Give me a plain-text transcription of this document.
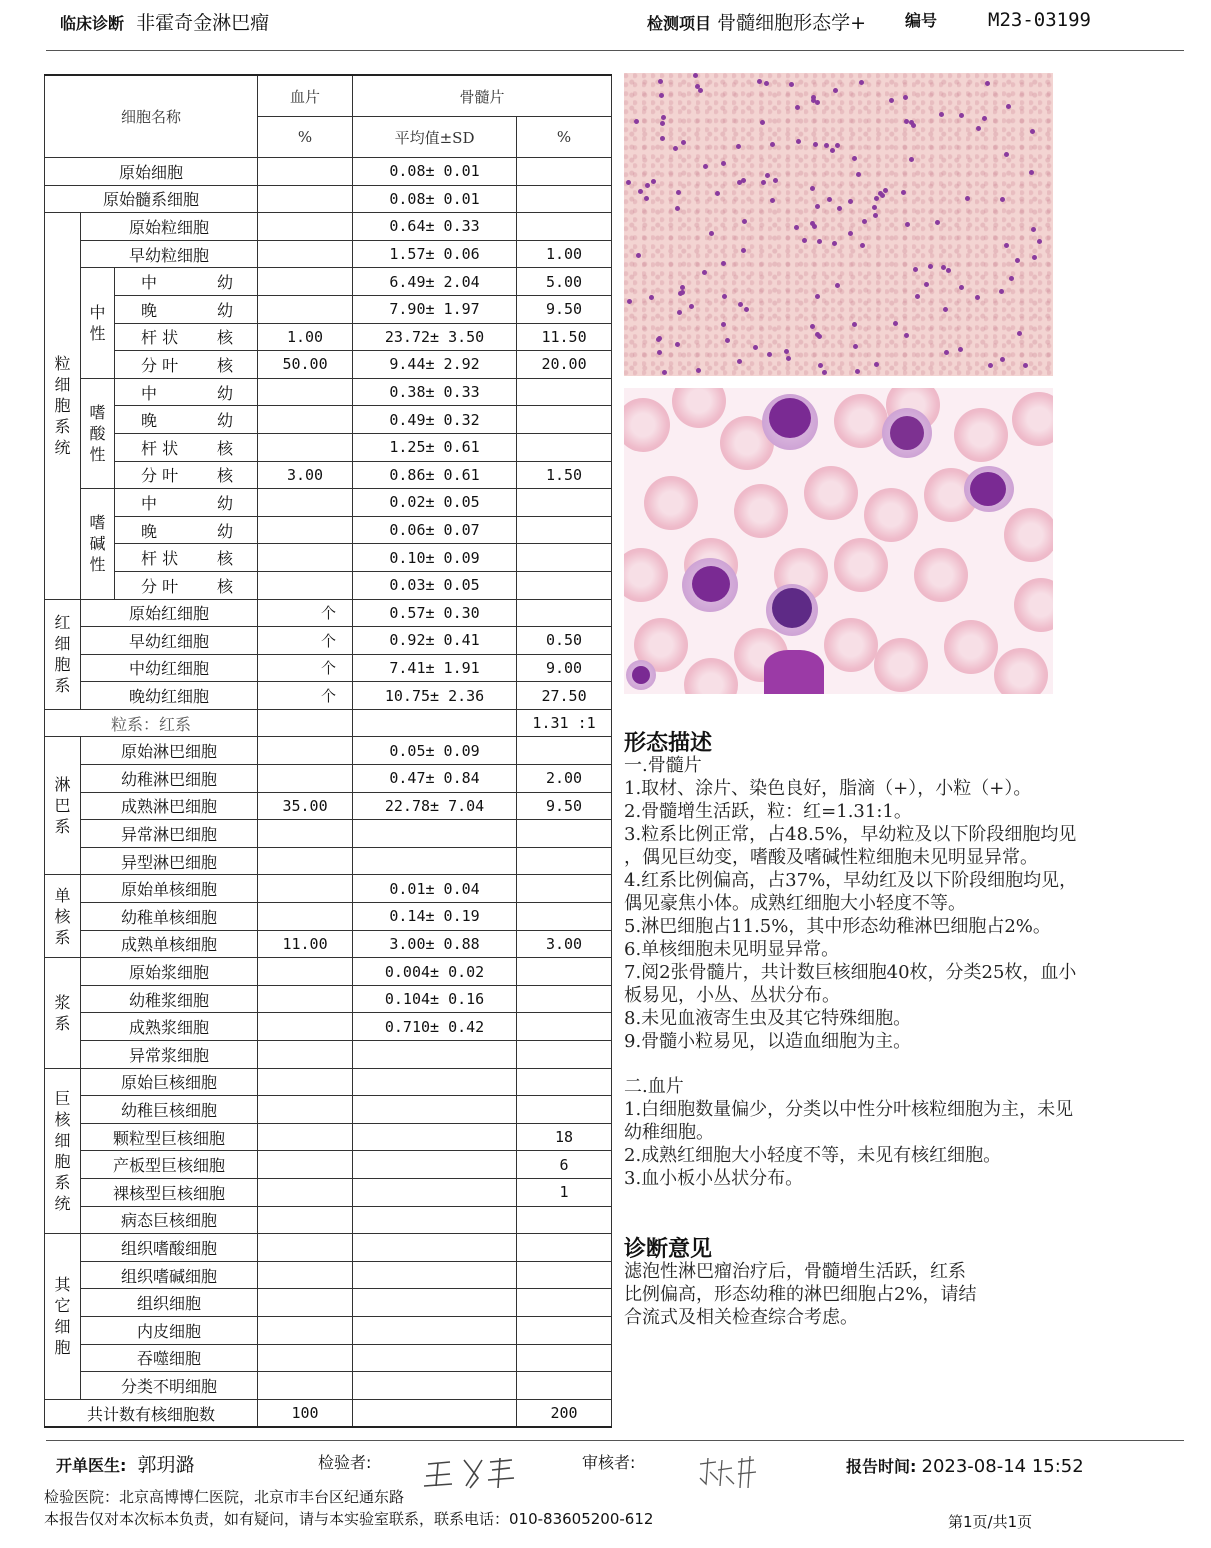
临床诊断 非霍奇金淋巴瘤	检测项目 骨髓细胞形态学+ 编号	M23-03199
细胞名称			血片	骨髓片	
			%	平均值±SD	%
原始细胞				0.08± 0.01	
原始髓系细胞				0.08± 0.01	
粒细胞系统	原始粒细胞			0.64± 0.33	
	早幼粒细胞			1.57± 0.06	1.00
	中性	中 幼		6.49± 2.04	5.00

		晚 幼		7.90± 1.97	9.50

		杆 状 核	1.00	23.72± 3.50	11.50

		分 叶 核	50.00	9.44± 2.92	20.00
	嗜酸性	中 幼		0.38± 0.33	

		晚 幼		0.49± 0.32	

		杆 状 核		1.25± 0.61	

		分 叶 核	3.00	0.86± 0.61	1.50
	嗜碱性	中 幼		0.02± 0.05	

		晚 幼		0.06± 0.07	

		杆 状 核		0.10± 0.09	

		分 叶 核		0.03± 0.05	
红细胞系	原始红细胞		个	0.57± 0.30	
	早幼红细胞		个	0.92± 0.41	0.50
	中幼红细胞		个	7.41± 1.91	9.00
	晚幼红细胞		个	10.75± 2.36	27.50
粒系：红系					1.31 :1
淋巴系	原始淋巴细胞			0.05± 0.09	
	幼稚淋巴细胞			0.47± 0.84	2.00
	成熟淋巴细胞		35.00	22.78± 7.04	9.50
	异常淋巴细胞				
	异型淋巴细胞				
单核系	原始单核细胞			0.01± 0.04	
	幼稚单核细胞			0.14± 0.19	
	成熟单核细胞		11.00	3.00± 0.88	3.00
浆系	原始浆细胞			0.004± 0.02	
	幼稚浆细胞			0.104± 0.16	
	成熟浆细胞			0.710± 0.42	
	异常浆细胞				
巨核细胞系统	原始巨核细胞				
	幼稚巨核细胞				
	颗粒型巨核细胞				18
	产板型巨核细胞				6
	裸核型巨核细胞				1
	病态巨核细胞				
其它细胞	组织嗜酸细胞				
	组织嗜碱细胞				
	组织细胞				
	内皮细胞				
	吞噬细胞				
	分类不明细胞				
共计数有核细胞数			100		200
形态描述
一.骨髓片
1.取材、涂片、染色良好，脂滴（+），小粒（+）。
2.骨髓增生活跃，粒：红=1.31:1。
3.粒系比例正常，占48.5%，早幼粒及以下阶段细胞均见
，偶见巨幼变，嗜酸及嗜碱性粒细胞未见明显异常。
4.红系比例偏高，占37%，早幼红及以下阶段细胞均见，
偶见豪焦小体。成熟红细胞大小轻度不等。
5.淋巴细胞占11.5%，其中形态幼稚淋巴细胞占2%。
6.单核细胞未见明显异常。
7.阅2张骨髓片，共计数巨核细胞40枚，分类25枚，血小
板易见，小丛、丛状分布。
8.未见血液寄生虫及其它特殊细胞。
9.骨髓小粒易见，以造血细胞为主。
二.血片
1.白细胞数量偏少，分类以中性分叶核粒细胞为主，未见
幼稚细胞。
2.成熟红细胞大小轻度不等，未见有核红细胞。
3.血小板小丛状分布。
诊断意见
滤泡性淋巴瘤治疗后，骨髓增生活跃，红系
比例偏高，形态幼稚的淋巴细胞占2%，请结
合流式及相关检查综合考虑。
开单医生: 郭玥潞	检验者:	审核者:	报告时间: 2023-08-14 15:52
检验医院：北京高博博仁医院，北京市丰台区纪通东路
本报告仅对本次标本负责，如有疑问，请与本实验室联系，联系电话：010-83605200-612	第1页/共1页
